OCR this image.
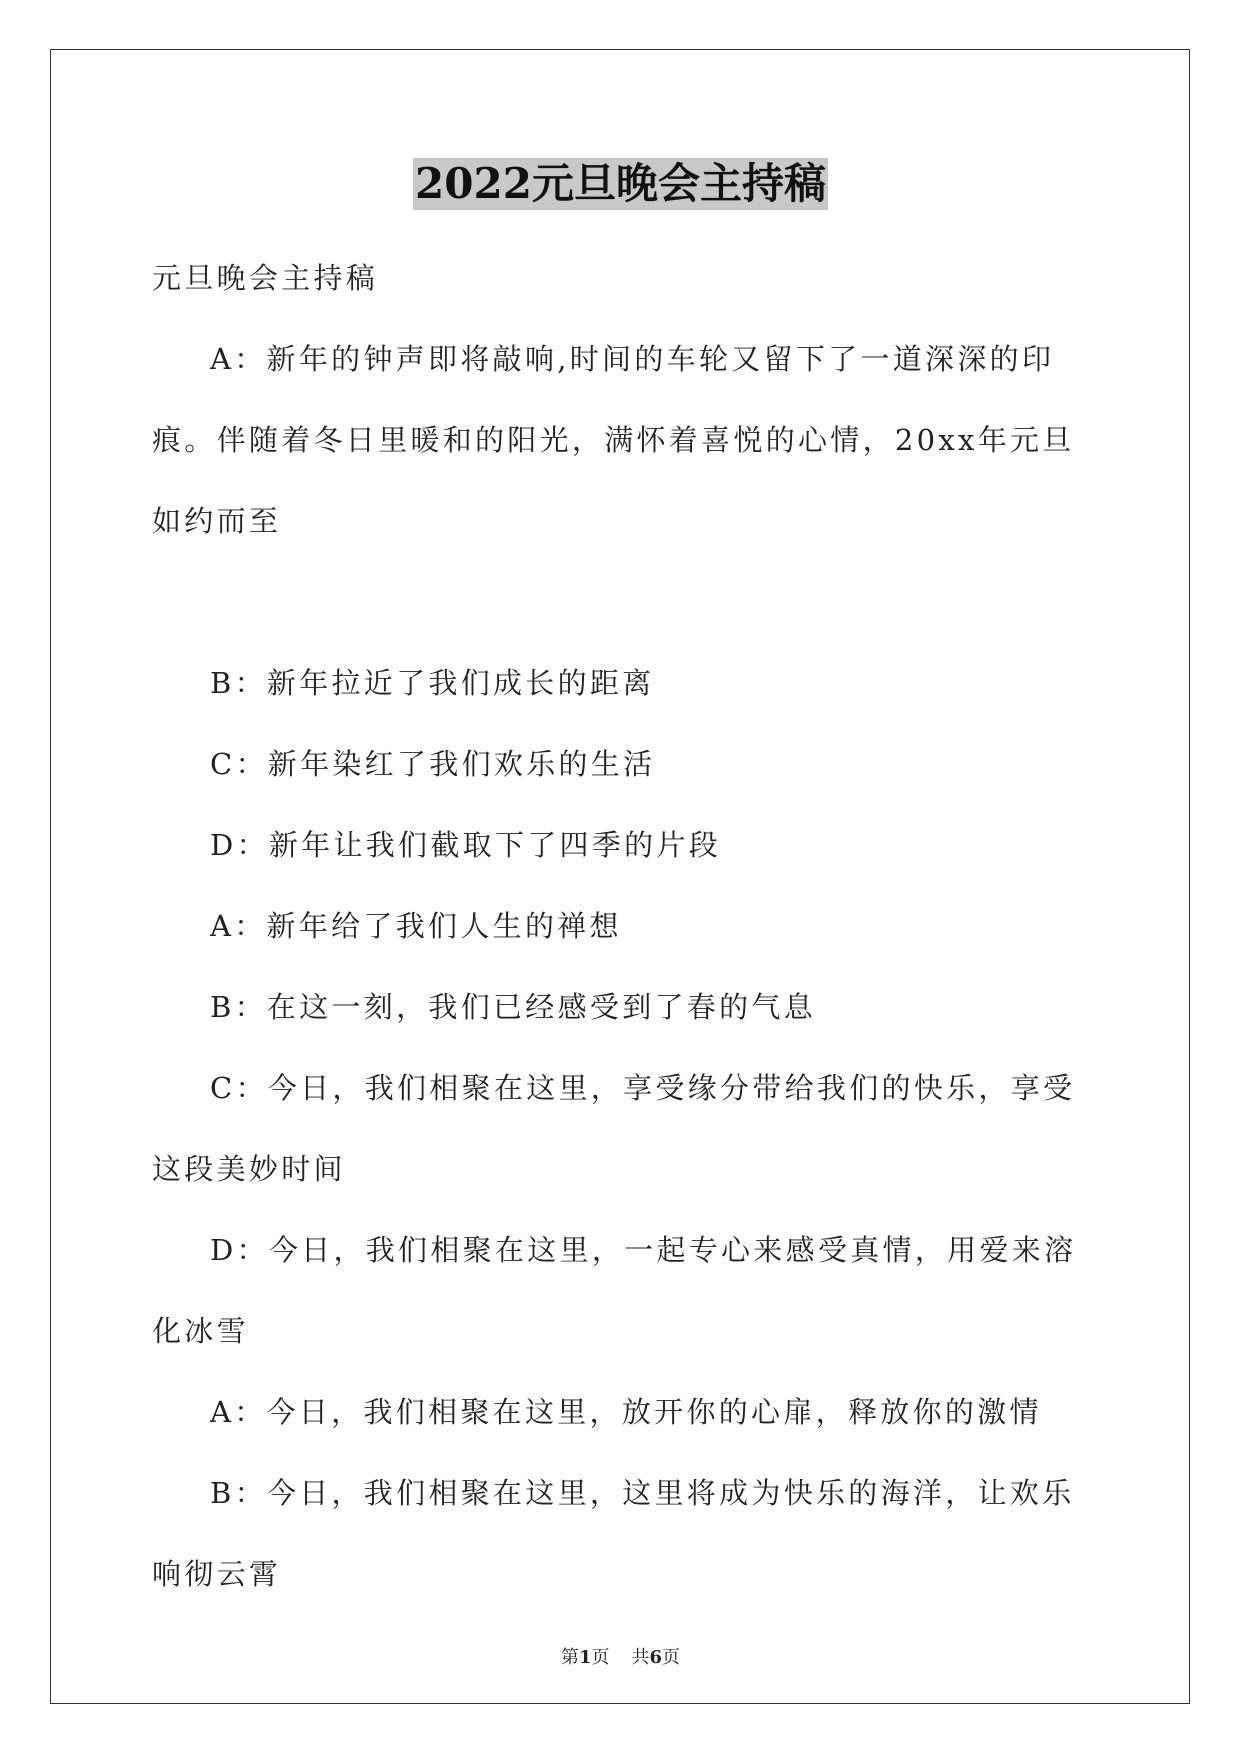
2022元旦晚会主持稿

元旦晚会主持稿

A：新年的钟声即将敲响,时间的车轮又留下了一道深深的印痕。伴随着冬日里暖和的阳光，满怀着喜悦的心情，20xx年元旦如约而至

B：新年拉近了我们成长的距离

C：新年染红了我们欢乐的生活

D：新年让我们截取下了四季的片段

A：新年给了我们人生的禅想

B：在这一刻，我们已经感受到了春的气息

C：今日，我们相聚在这里，享受缘分带给我们的快乐，享受这段美妙时间

D：今日，我们相聚在这里，一起专心来感受真情，用爱来溶化冰雪

A：今日，我们相聚在这里，放开你的心扉，释放你的激情

B：今日，我们相聚在这里，这里将成为快乐的海洋，让欢乐响彻云霄

第1页 共6页
